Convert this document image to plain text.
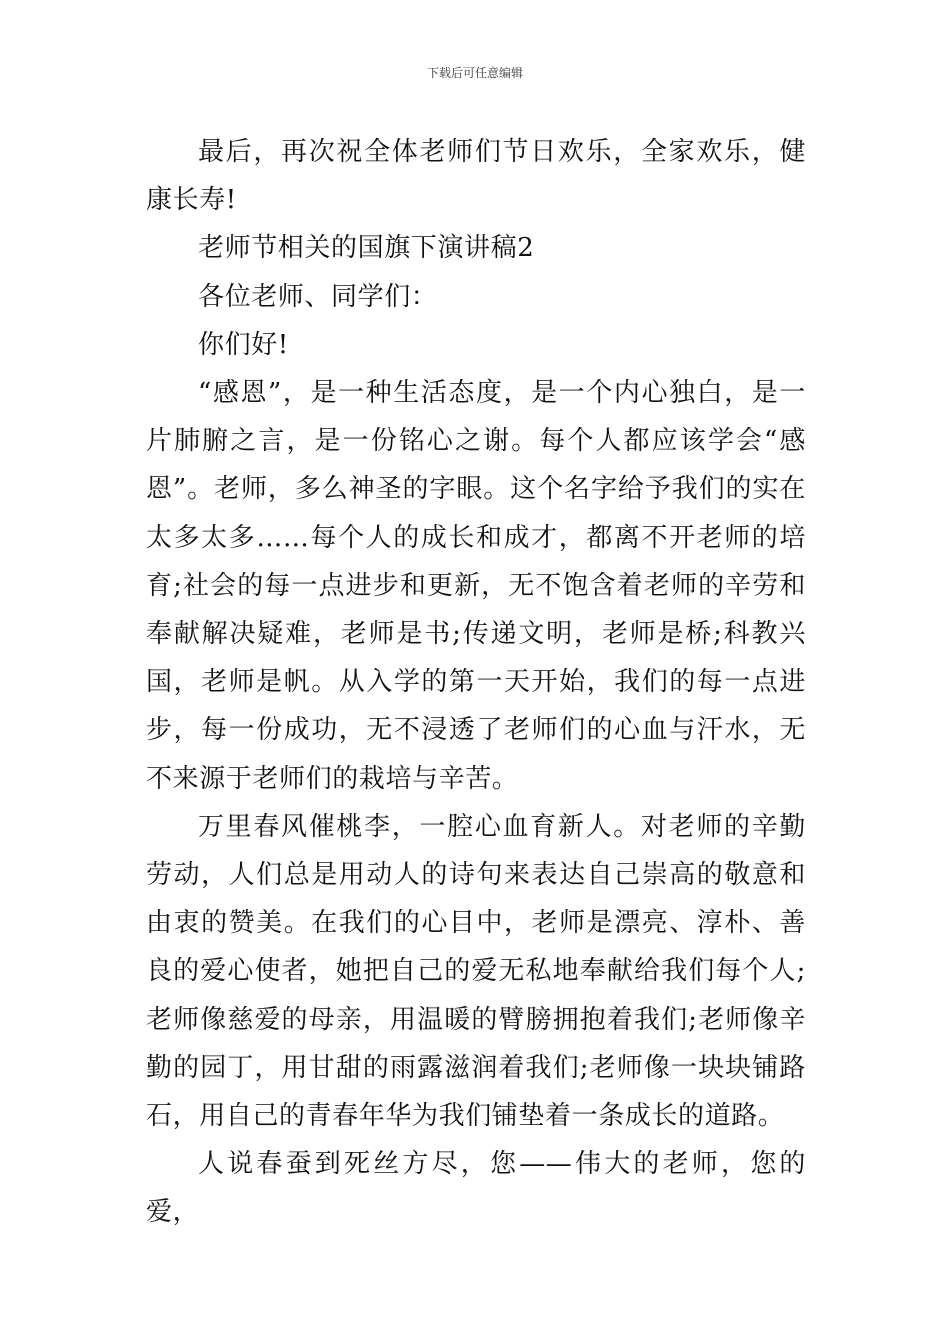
下载后可任意编辑

最后，再次祝全体老师们节日欢乐，全家欢乐，健康长寿!

老师节相关的国旗下演讲稿2

各位老师、同学们：

你们好!

“感恩”，是一种生活态度，是一个内心独白，是一片肺腑之言，是一份铭心之谢。每个人都应该学会“感恩”。老师，多么神圣的字眼。这个名字给予我们的实在太多太多……每个人的成长和成才，都离不开老师的培育;社会的每一点进步和更新，无不饱含着老师的辛劳和奉献解决疑难，老师是书;传递文明，老师是桥;科教兴国，老师是帆。从入学的第一天开始，我们的每一点进步，每一份成功，无不浸透了老师们的心血与汗水，无不来源于老师们的栽培与辛苦。

万里春风催桃李，一腔心血育新人。对老师的辛勤劳动，人们总是用动人的诗句来表达自己崇高的敬意和由衷的赞美。在我们的心目中，老师是漂亮、淳朴、善良的爱心使者，她把自己的爱无私地奉献给我们每个人;老师像慈爱的母亲，用温暖的臂膀拥抱着我们;老师像辛勤的园丁，用甘甜的雨露滋润着我们;老师像一块块铺路石，用自己的青春年华为我们铺垫着一条成长的道路。

人说春蚕到死丝方尽，您——伟大的老师，您的爱，
